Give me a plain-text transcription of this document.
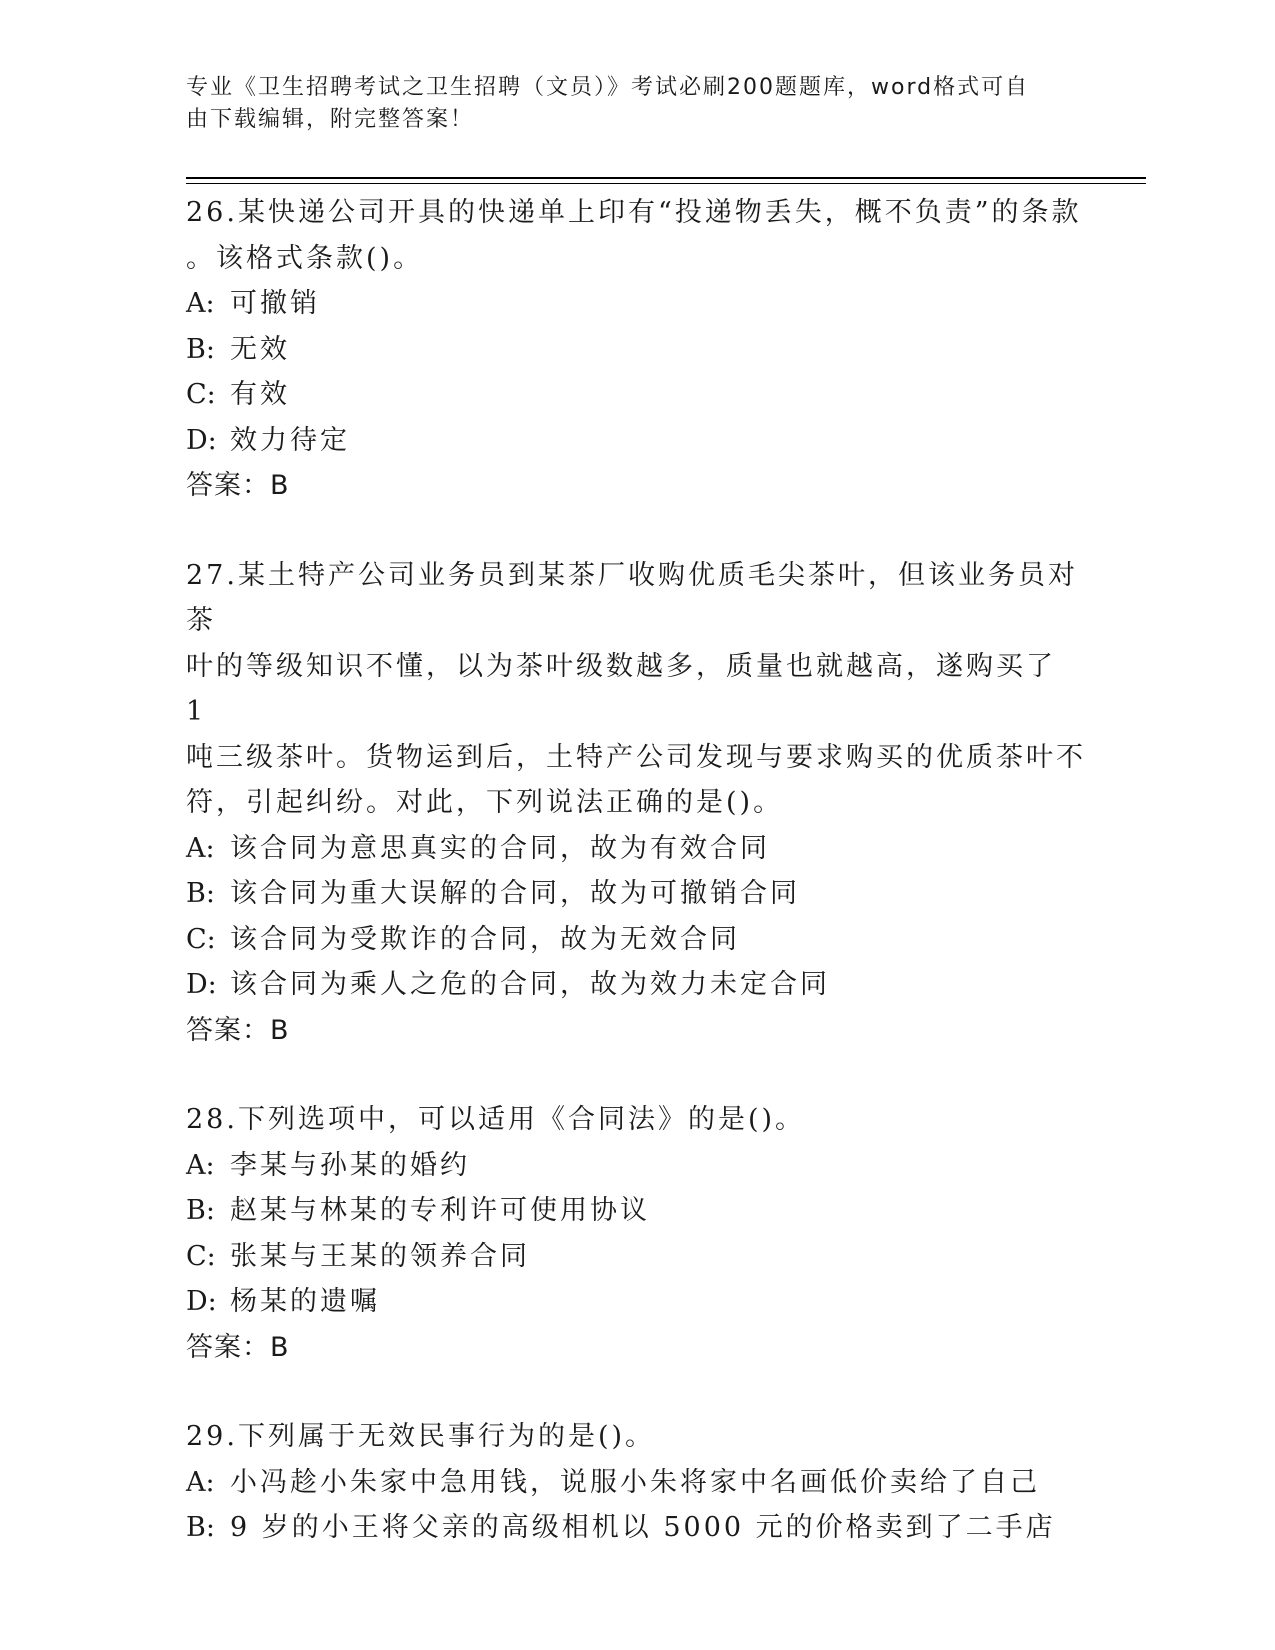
专业《卫生招聘考试之卫生招聘（文员）》考试必刷200题题库，word格式可自
由下载编辑，附完整答案！
26.某快递公司开具的快递单上印有“投递物丢失，概不负责”的条款
。该格式条款()。
A: 可撤销
B: 无效
C: 有效
D: 效力待定
答案：B
27.某土特产公司业务员到某茶厂收购优质毛尖茶叶，但该业务员对茶
叶的等级知识不懂，以为茶叶级数越多，质量也就越高，遂购买了 1
吨三级茶叶。货物运到后，土特产公司发现与要求购买的优质茶叶不
符，引起纠纷。对此，下列说法正确的是()。
A: 该合同为意思真实的合同，故为有效合同
B: 该合同为重大误解的合同，故为可撤销合同
C: 该合同为受欺诈的合同，故为无效合同
D: 该合同为乘人之危的合同，故为效力未定合同
答案：B
28.下列选项中，可以适用《合同法》的是()。
A: 李某与孙某的婚约
B: 赵某与林某的专利许可使用协议
C: 张某与王某的领养合同
D: 杨某的遗嘱
答案：B
29.下列属于无效民事行为的是()。
A: 小冯趁小朱家中急用钱，说服小朱将家中名画低价卖给了自己
B: 9 岁的小王将父亲的高级相机以 5000 元的价格卖到了二手店
